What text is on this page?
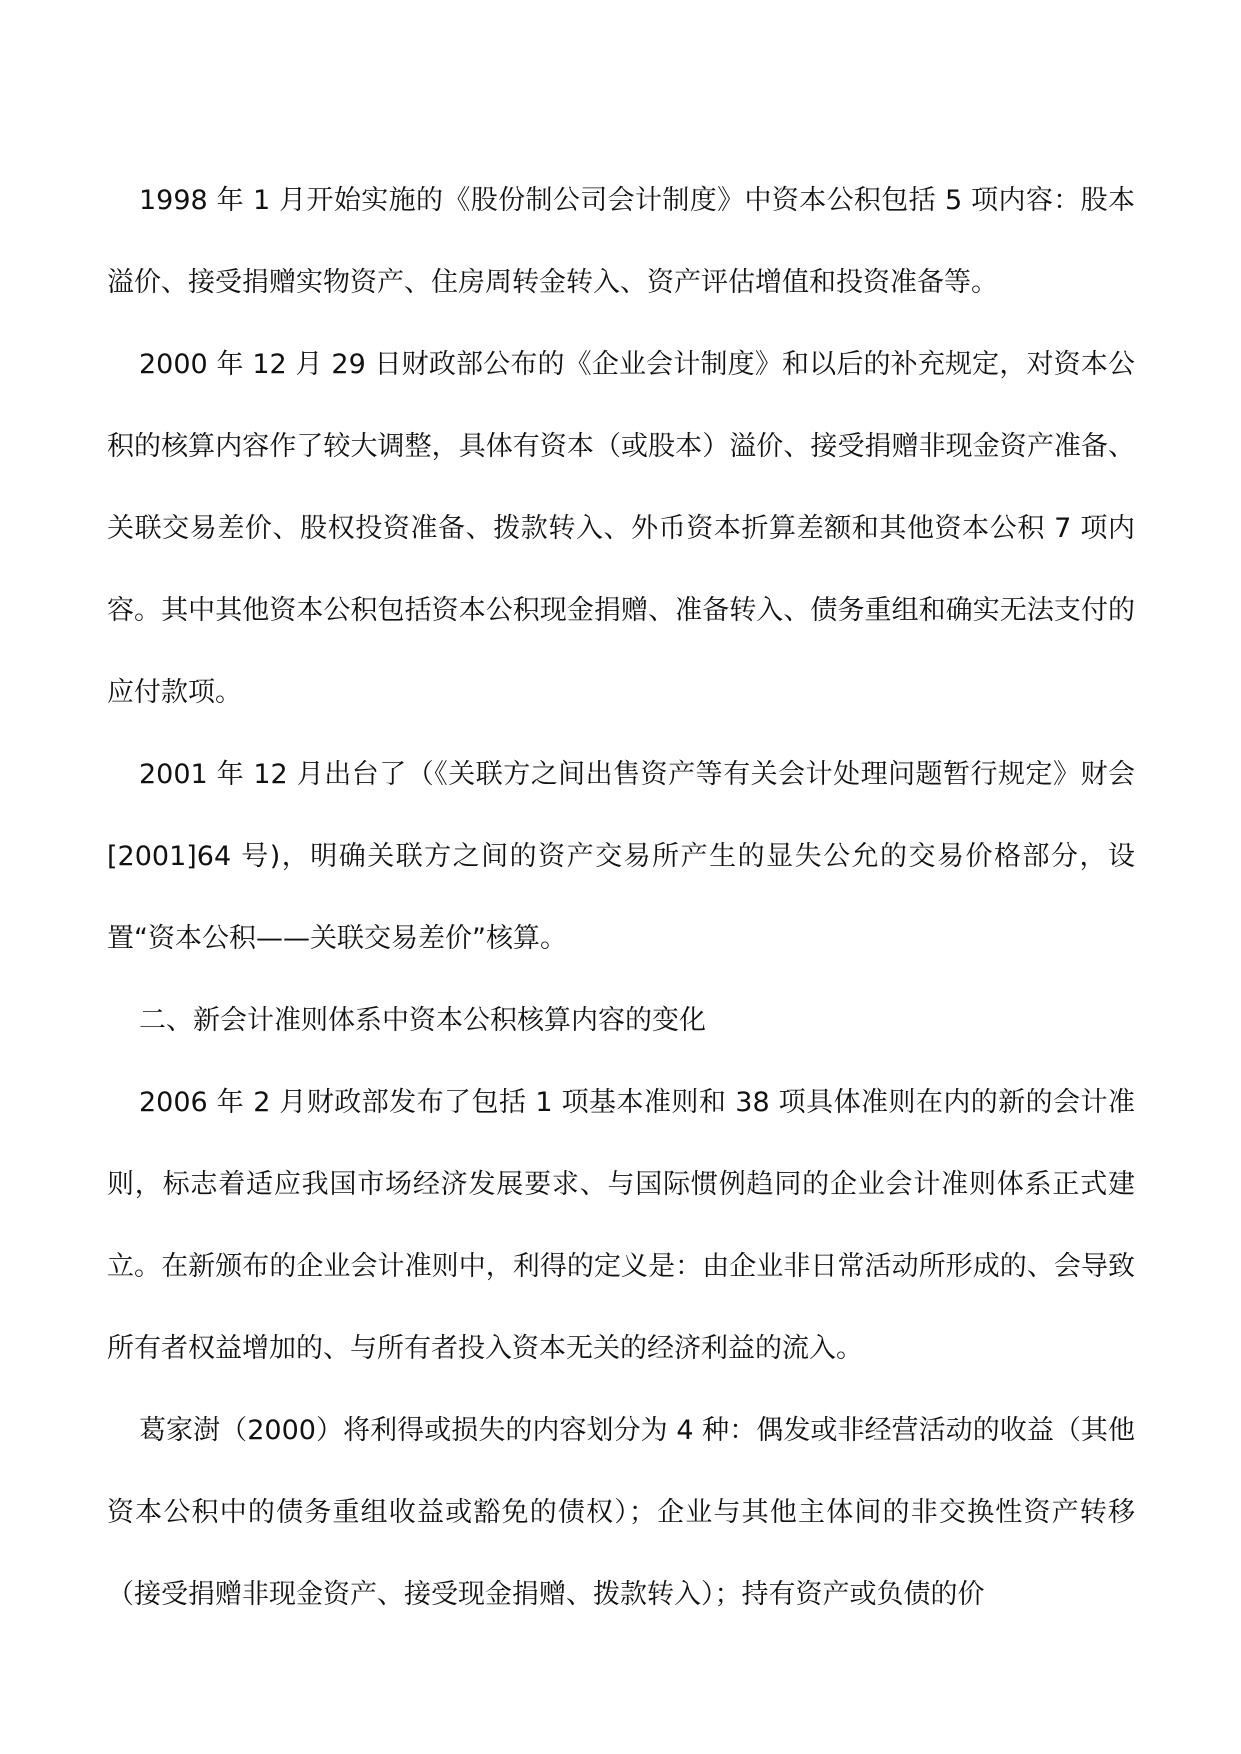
1998 年 1 月开始实施的《股份制公司会计制度》中资本公积包括 5 项内容：股本溢价、接受捐赠实物资产、住房周转金转入、资产评估增值和投资准备等。

2000 年 12 月 29 日财政部公布的《企业会计制度》和以后的补充规定，对资本公积的核算内容作了较大调整，具体有资本（或股本）溢价、接受捐赠非现金资产准备、关联交易差价、股权投资准备、拨款转入、外币资本折算差额和其他资本公积 7 项内容。其中其他资本公积包括资本公积现金捐赠、准备转入、债务重组和确实无法支付的应付款项。

2001 年 12 月出台了（《关联方之间出售资产等有关会计处理问题暂行规定》财会[2001]64 号)，明确关联方之间的资产交易所产生的显失公允的交易价格部分，设置“资本公积——关联交易差价”核算。

二、新会计准则体系中资本公积核算内容的变化

2006 年 2 月财政部发布了包括 1 项基本准则和 38 项具体准则在内的新的会计准则，标志着适应我国市场经济发展要求、与国际惯例趋同的企业会计准则体系正式建立。在新颁布的企业会计准则中，利得的定义是：由企业非日常活动所形成的、会导致所有者权益增加的、与所有者投入资本无关的经济利益的流入。

葛家澍（2000）将利得或损失的内容划分为 4 种：偶发或非经营活动的收益（其他资本公积中的债务重组收益或豁免的债权）；企业与其他主体间的非交换性资产转移（接受捐赠非现金资产、接受现金捐赠、拨款转入）；持有资产或负债的价
